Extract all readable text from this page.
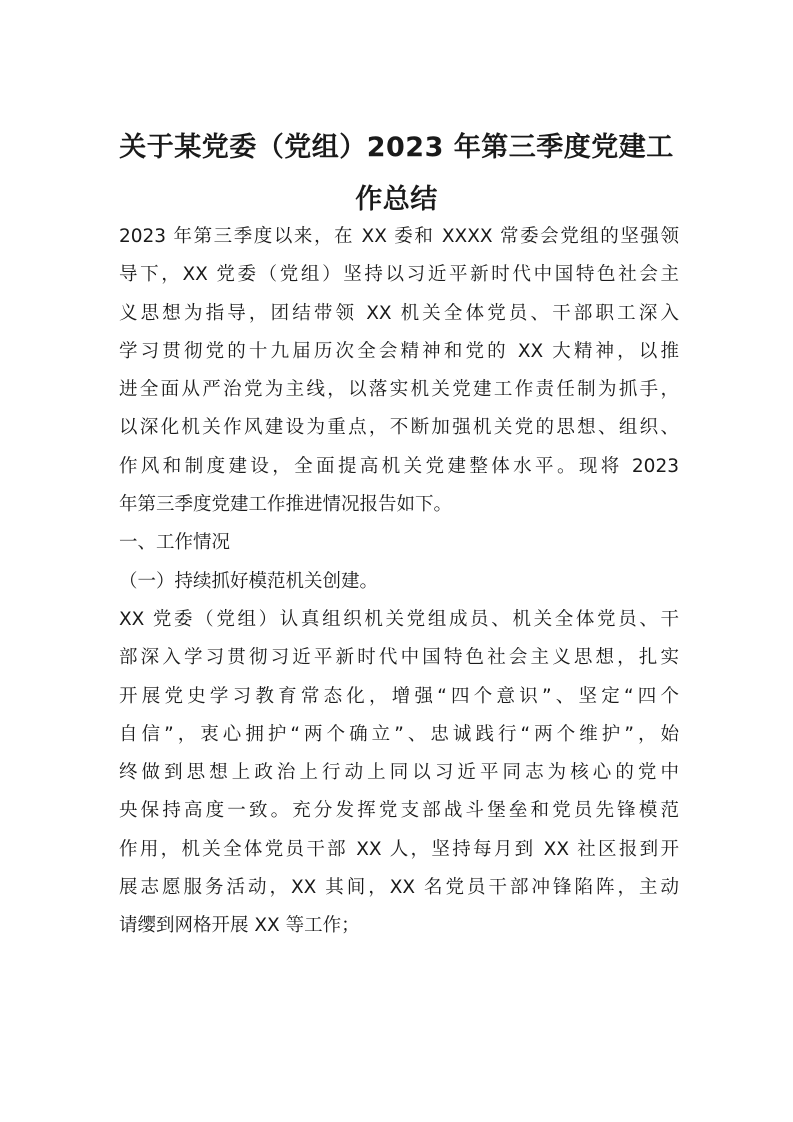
关于某党委（党组）2023 年第三季度党建工
作总结

2023 年第三季度以来，在 XX 委和 XXXX 常委会党组的坚强领
导下，XX 党委（党组）坚持以习近平新时代中国特色社会主
义思想为指导，团结带领 XX 机关全体党员、干部职工深入
学习贯彻党的十九届历次全会精神和党的 XX 大精神，以推
进全面从严治党为主线，以落实机关党建工作责任制为抓手，
以深化机关作风建设为重点，不断加强机关党的思想、组织、
作风和制度建设，全面提高机关党建整体水平。现将 2023
年第三季度党建工作推进情况报告如下。

一、工作情况

（一）持续抓好模范机关创建。

XX 党委（党组）认真组织机关党组成员、机关全体党员、干
部深入学习贯彻习近平新时代中国特色社会主义思想，扎实
开展党史学习教育常态化，增强“四个意识”、坚定“四个
自信”，衷心拥护“两个确立”、忠诚践行“两个维护”，始
终做到思想上政治上行动上同以习近平同志为核心的党中
央保持高度一致。充分发挥党支部战斗堡垒和党员先锋模范
作用，机关全体党员干部 XX 人，坚持每月到 XX 社区报到开
展志愿服务活动，XX 其间，XX 名党员干部冲锋陷阵，主动
请缨到网格开展 XX 等工作；
